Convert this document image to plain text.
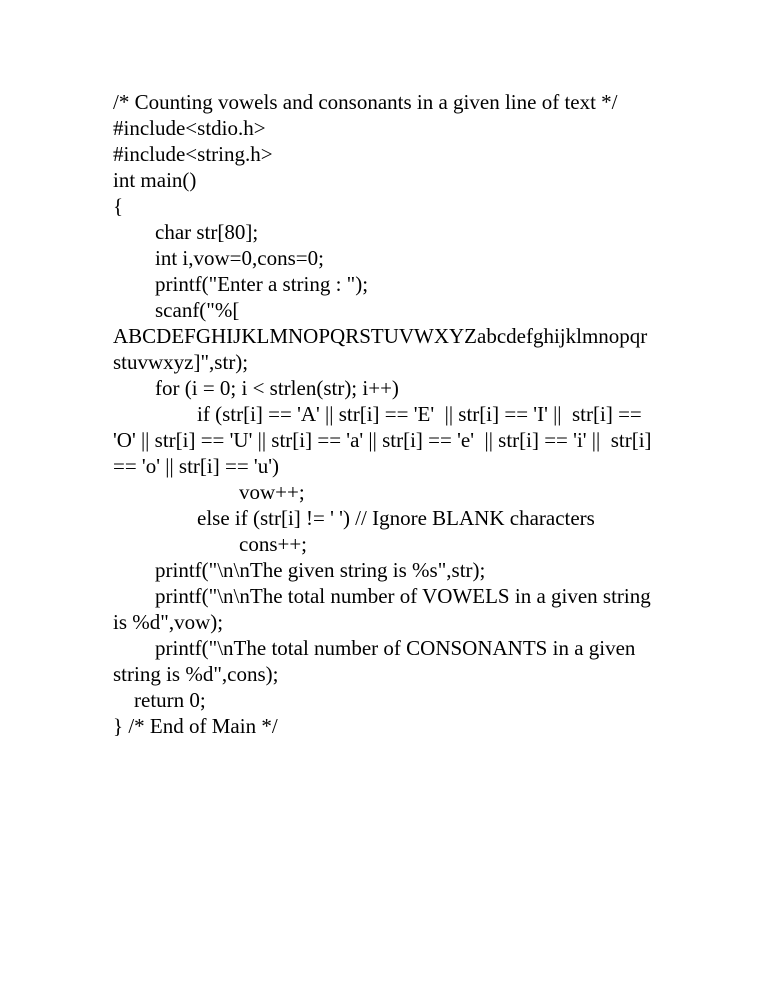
/* Counting vowels and consonants in a given line of text */
#include<stdio.h>
#include<string.h>
int main()
{
char str[80];
int i,vow=0,cons=0;
printf("Enter a string : ");
scanf("%[
ABCDEFGHIJKLMNOPQRSTUVWXYZabcdefghijklmnopqr
stuvwxyz]",str);
for (i = 0; i < strlen(str); i++)
if (str[i] == 'A' || str[i] == 'E'  || str[i] == 'I' ||  str[i] ==
'O' || str[i] == 'U' || str[i] == 'a' || str[i] == 'e'  || str[i] == 'i' ||  str[i]
== 'o' || str[i] == 'u')
vow++;
else if (str[i] != ' ') // Ignore BLANK characters
cons++;
printf("\n\nThe given string is %s",str);
printf("\n\nThe total number of VOWELS in a given string
is %d",vow);
printf("\nThe total number of CONSONANTS in a given
string is %d",cons);
return 0;
} /* End of Main */
